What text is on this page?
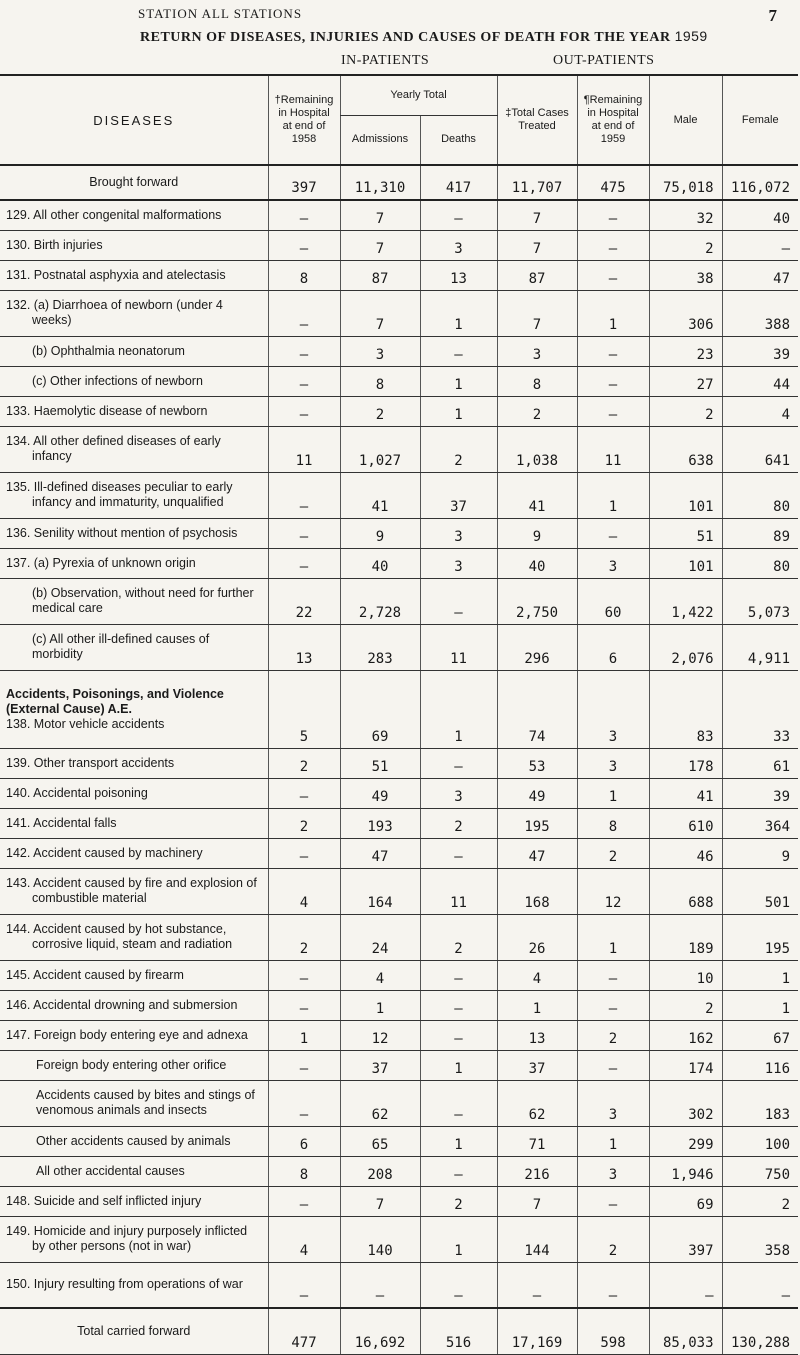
STATION ALL STATIONS	7
RETURN OF DISEASES, INJURIES AND CAUSES OF DEATH FOR THE YEAR 1959
IN-PATIENTS	OUT-PATIENTS
DISEASES	†Remaining in Hospital at end of 1958	Yearly Total		‡Total Cases Treated	¶Remaining in Hospital at end of 1959	Male	Female
		Admissions	Deaths				

Brought forward	397	11,310	417	11,707	475	75,018	116,072

129. All other congenital malformations	–	7	–	7	–	32	40

130. Birth injuries	–	7	3	7	–	2	–

131. Postnatal asphyxia and atelectasis	8	87	13	87	–	38	47

132. (a) Diarrhoea of newborn (under 4 weeks)	–	7	1	7	1	306	388

(b) Ophthalmia neonatorum	–	3	–	3	–	23	39

(c) Other infections of newborn	–	8	1	8	–	27	44

133. Haemolytic disease of newborn	–	2	1	2	–	2	4

134. All other defined diseases of early infancy	11	1,027	2	1,038	11	638	641

135. Ill-defined diseases peculiar to early infancy and immaturity, unqualified	–	41	37	41	1	101	80

136. Senility without mention of psychosis	–	9	3	9	–	51	89

137. (a) Pyrexia of unknown origin	–	40	3	40	3	101	80

(b) Observation, without need for further medical care	22	2,728	–	2,750	60	1,422	5,073

(c) All other ill-defined causes of morbidity	13	283	11	296	6	2,076	4,911

Accidents, Poisonings, and Violence (External Cause) A.E.
138. Motor vehicle accidents	5	69	1	74	3	83	33

139. Other transport accidents	2	51	–	53	3	178	61

140. Accidental poisoning	–	49	3	49	1	41	39

141. Accidental falls	2	193	2	195	8	610	364

142. Accident caused by machinery	–	47	–	47	2	46	9

143. Accident caused by fire and explosion of combustible material	4	164	11	168	12	688	501

144. Accident caused by hot substance, corrosive liquid, steam and radiation	2	24	2	26	1	189	195

145. Accident caused by firearm	–	4	–	4	–	10	1

146. Accidental drowning and submersion	–	1	–	1	–	2	1

147. Foreign body entering eye and adnexa	1	12	–	13	2	162	67

Foreign body entering other orifice	–	37	1	37	–	174	116

Accidents caused by bites and stings of venomous animals and insects	–	62	–	62	3	302	183

Other accidents caused by animals	6	65	1	71	1	299	100

All other accidental causes	8	208	–	216	3	1,946	750

148. Suicide and self inflicted injury	–	7	2	7	–	69	2

149. Homicide and injury purposely inflicted by other persons (not in war)	4	140	1	144	2	397	358

150. Injury resulting from operations of war	–	–	–	–	–	–	–

Total carried forward	477	16,692	516	17,169	598	85,033	130,288
